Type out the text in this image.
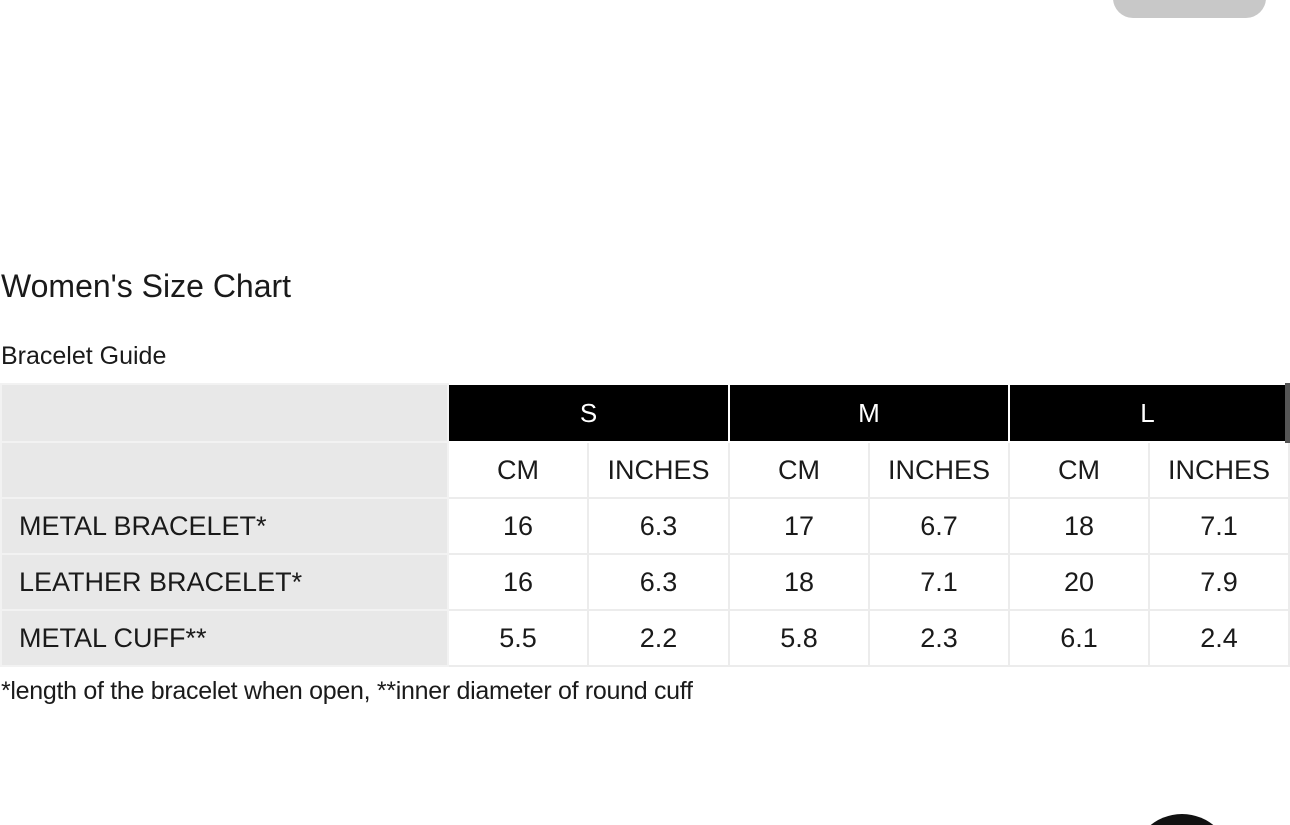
Women's Size Chart
Bracelet Guide
	S		M		L	
	CM	INCHES	CM	INCHES	CM	INCHES
METAL BRACELET*	16	6.3	17	6.7	18	7.1
LEATHER BRACELET*	16	6.3	18	7.1	20	7.9
METAL CUFF**	5.5	2.2	5.8	2.3	6.1	2.4
*length of the bracelet when open, **inner diameter of round cuff
